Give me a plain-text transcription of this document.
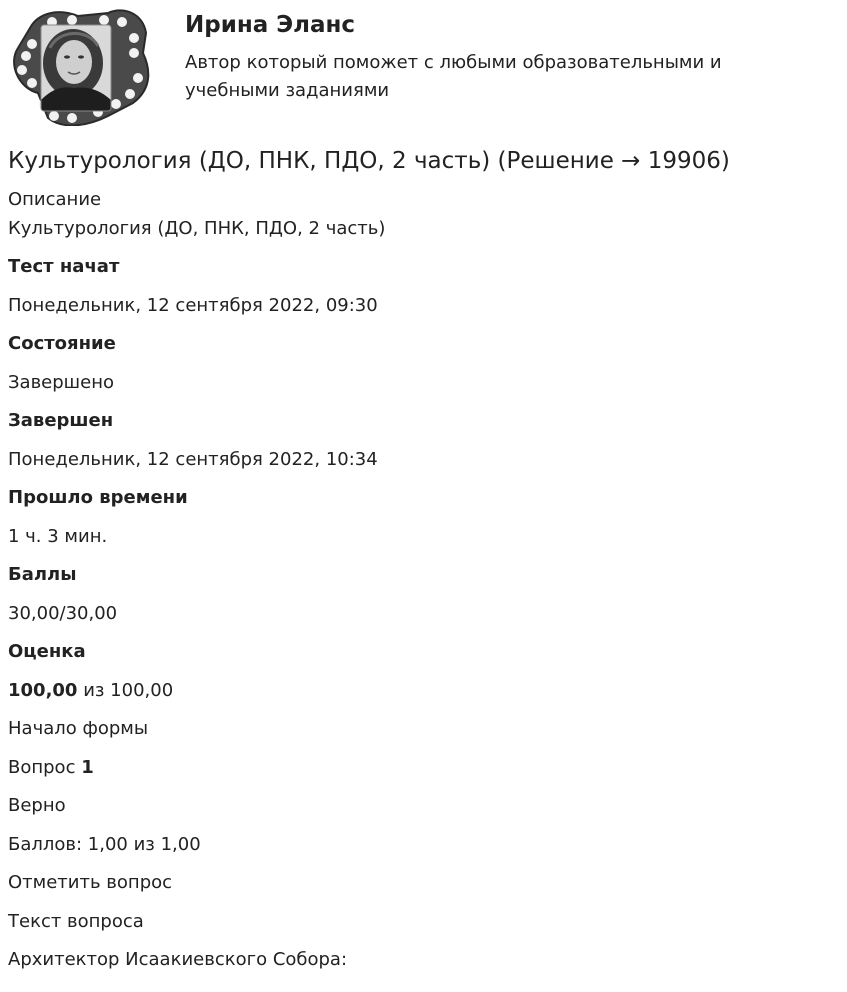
Ирина Эланс
Автор который поможет с любыми образовательными и учебными заданиями
Культурология (ДО, ПНК, ПДО, 2 часть) (Решение → 19906)
Описание
Культурология (ДО, ПНК, ПДО, 2 часть)
Тест начат
Понедельник, 12 сентября 2022, 09:30
Состояние
Завершено
Завершен
Понедельник, 12 сентября 2022, 10:34
Прошло времени
1 ч. 3 мин.
Баллы
30,00/30,00
Оценка
100,00 из 100,00
Начало формы
Вопрос 1
Верно
Баллов: 1,00 из 1,00
Отметить вопрос
Текст вопроса
Архитектор Исаакиевского Собора:
